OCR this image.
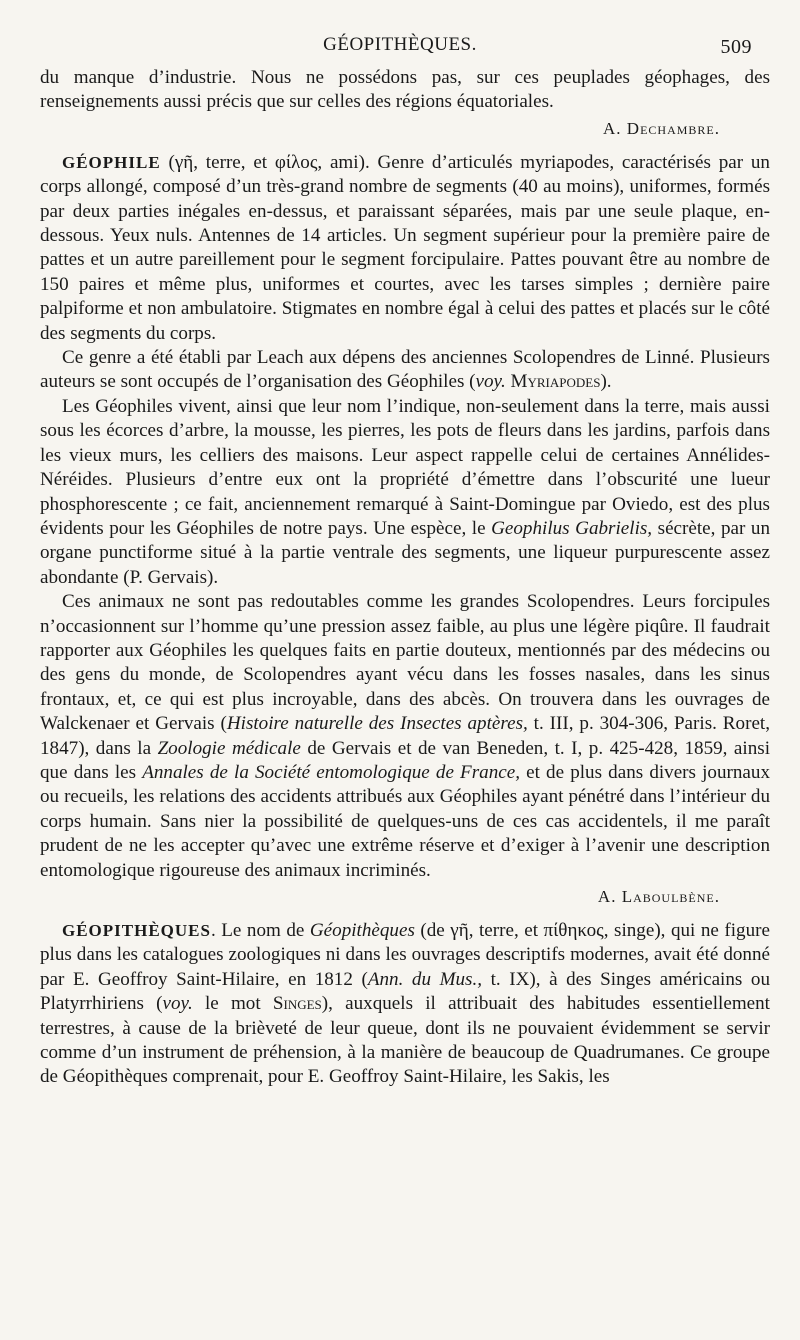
GÉOPITHÈQUES.	509

du manque d’industrie. Nous ne possédons pas, sur ces peuplades géophages, des renseignements aussi précis que sur celles des régions équatoriales.

A. Dechambre.

GÉOPHILE (γῆ, terre, et φίλος, ami). Genre d’articulés myriapodes, caractérisés par un corps allongé, composé d’un très-grand nombre de segments (40 au moins), uniformes, formés par deux parties inégales en-dessus, et paraissant séparées, mais par une seule plaque, en-dessous. Yeux nuls. Antennes de 14 articles. Un segment supérieur pour la première paire de pattes et un autre pareillement pour le segment forcipulaire. Pattes pouvant être au nombre de 150 paires et même plus, uniformes et courtes, avec les tarses simples ; dernière paire palpiforme et non ambulatoire. Stigmates en nombre égal à celui des pattes et placés sur le côté des segments du corps.

Ce genre a été établi par Leach aux dépens des anciennes Scolopendres de Linné. Plusieurs auteurs se sont occupés de l’organisation des Géophiles (voy. Myriapodes).

Les Géophiles vivent, ainsi que leur nom l’indique, non-seulement dans la terre, mais aussi sous les écorces d’arbre, la mousse, les pierres, les pots de fleurs dans les jardins, parfois dans les vieux murs, les celliers des maisons. Leur aspect rappelle celui de certaines Annélides-Néréides. Plusieurs d’entre eux ont la propriété d’émettre dans l’obscurité une lueur phosphorescente ; ce fait, anciennement remarqué à Saint-Domingue par Oviedo, est des plus évidents pour les Géophiles de notre pays. Une espèce, le Geophilus Gabrielis, sécrète, par un organe punctiforme situé à la partie ventrale des segments, une liqueur purpurescente assez abondante (P. Gervais).

Ces animaux ne sont pas redoutables comme les grandes Scolopendres. Leurs forcipules n’occasionnent sur l’homme qu’une pression assez faible, au plus une légère piqûre. Il faudrait rapporter aux Géophiles les quelques faits en partie douteux, mentionnés par des médecins ou des gens du monde, de Scolopendres ayant vécu dans les fosses nasales, dans les sinus frontaux, et, ce qui est plus incroyable, dans des abcès. On trouvera dans les ouvrages de Walckenaer et Gervais (Histoire naturelle des Insectes aptères, t. III, p. 304-306, Paris. Roret, 1847), dans la Zoologie médicale de Gervais et de van Beneden, t. I, p. 425-428, 1859, ainsi que dans les Annales de la Société entomologique de France, et de plus dans divers journaux ou recueils, les relations des accidents attribués aux Géophiles ayant pénétré dans l’intérieur du corps humain. Sans nier la possibilité de quelques-uns de ces cas accidentels, il me paraît prudent de ne les accepter qu’avec une extrême réserve et d’exiger à l’avenir une description entomologique rigoureuse des animaux incriminés.

A. Laboulbène.

GÉOPITHÈQUES. Le nom de Géopithèques (de γῆ, terre, et πίθηκος, singe), qui ne figure plus dans les catalogues zoologiques ni dans les ouvrages descriptifs modernes, avait été donné par E. Geoffroy Saint-Hilaire, en 1812 (Ann. du Mus., t. IX), à des Singes américains ou Platyrrhiriens (voy. le mot Singes), auxquels il attribuait des habitudes essentiellement terrestres, à cause de la brièveté de leur queue, dont ils ne pouvaient évidemment se servir comme d’un instrument de préhension, à la manière de beaucoup de Quadrumanes. Ce groupe de Géopithèques comprenait, pour E. Geoffroy Saint-Hilaire, les Sakis, les
